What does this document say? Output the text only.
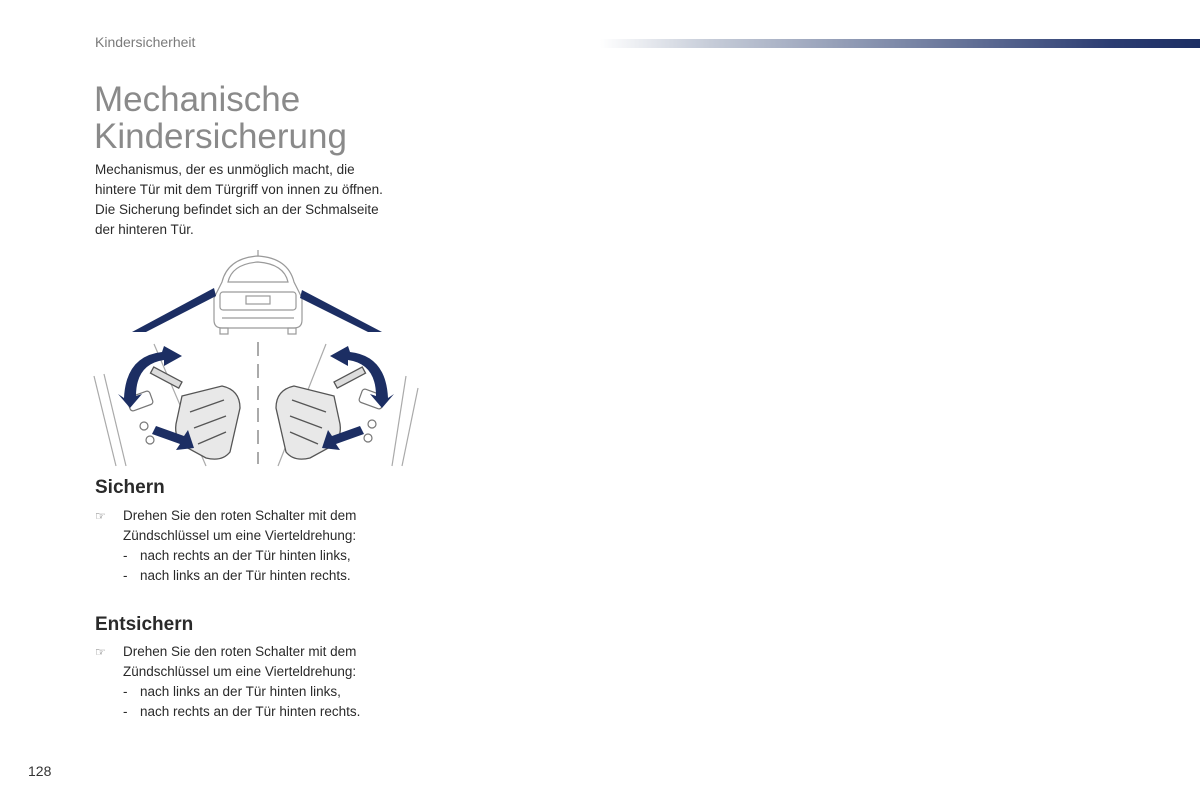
Kindersicherheit
Mechanische
Kindersicherung

Mechanismus, der es unmöglich macht, die
hintere Tür mit dem Türgriff von innen zu öffnen.
Die Sicherung befindet sich an der Schmalseite
der hinteren Tür.

Sichern
☞	Drehen Sie den roten Schalter mit dem
Zündschlüssel um eine Vierteldrehung:
- nach rechts an der Tür hinten links,
- nach links an der Tür hinten rechts.
Entsichern
☞	Drehen Sie den roten Schalter mit dem
Zündschlüssel um eine Vierteldrehung:
- nach links an der Tür hinten links,
- nach rechts an der Tür hinten rechts.
128
